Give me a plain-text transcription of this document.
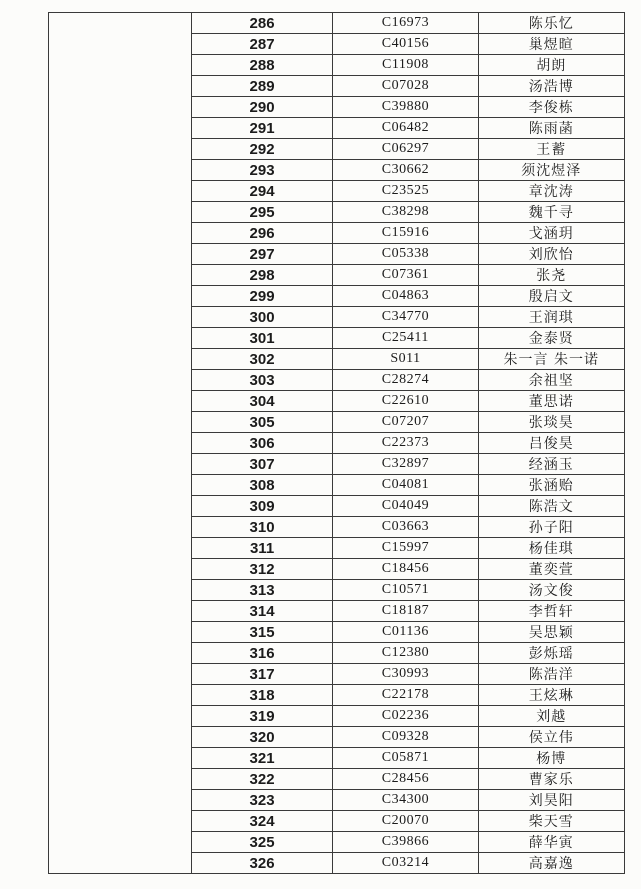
	286	C16973	陈乐忆
	287	C40156	巢煜暄
	288	C11908	胡朗
	289	C07028	汤浩博
	290	C39880	李俊栋
	291	C06482	陈雨菡
	292	C06297	王蓄
	293	C30662	须沈煜泽
	294	C23525	章沈涛
	295	C38298	魏千寻
	296	C15916	戈涵玥
	297	C05338	刘欣怡
	298	C07361	张尧
	299	C04863	殷启文
	300	C34770	王润琪
	301	C25411	金泰贤
	302	S011	朱一言 朱一诺
	303	C28274	余祖坚
	304	C22610	董思诺
	305	C07207	张琰昊
	306	C22373	吕俊昊
	307	C32897	经涵玉
	308	C04081	张涵贻
	309	C04049	陈浩文
	310	C03663	孙子阳
	311	C15997	杨佳琪
	312	C18456	董奕萱
	313	C10571	汤文俊
	314	C18187	李哲轩
	315	C01136	吴思颖
	316	C12380	彭烁瑶
	317	C30993	陈浩洋
	318	C22178	王炫琳
	319	C02236	刘越
	320	C09328	侯立伟
	321	C05871	杨博
	322	C28456	曹家乐
	323	C34300	刘昊阳
	324	C20070	柴天雪
	325	C39866	薛华寅
	326	C03214	高嘉逸
